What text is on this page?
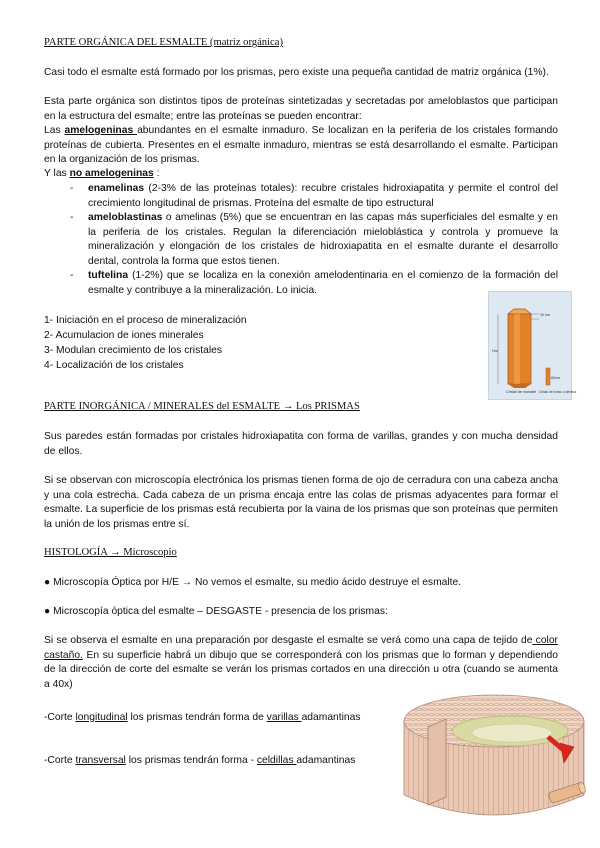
PARTE ORGÁNICA DEL ESMALTE (matriz orgánica)

Casi todo el esmalte está formado por los prismas, pero existe una pequeña cantidad de matriz orgánica (1%).

Esta parte orgánica son distintos tipos de proteínas sintetizadas y secretadas por ameloblastos que participan en la estructura del esmalte; entre las proteínas se pueden encontrar:

Las amelogeninas abundantes en el esmalte inmaduro. Se localizan en la periferia de los cristales formando proteínas de cubierta. Presentes en el esmalte inmaduro, mientras se está desarrollando el esmalte. Participan en la organización de los prismas.

Y las no amelogeninas :

- enamelinas (2-3% de las proteínas totales): recubre cristales hidroxiapatita y permite el control del crecimiento longitudinal de prismas. Proteína del esmalte de tipo estructural
- ameloblastinas o amelinas (5%) que se encuentran en las capas más superficiales del esmalte y en la periferia de los cristales. Regulan la diferenciación mieloblástica y controla y promueve la mineralización y elongación de los cristales de hidroxiapatita en el esmalte durante el desarrollo dental, controla la forma que estos tienen.
- tuftelina (1-2%) que se localiza en la conexión amelodentinaria en el comienzo de la formación del esmalte y contribuye a la mineralización. Lo inicia.
1- Iniciación en el proceso de mineralización
2- Acumulacion de iones minerales
3- Modulan crecimiento de los cristales
4- Localización de los cristales
20 nm
Hor
60nm
Cristal de esmalte Cristal de hueso o dentina

PARTE INORGÁNICA / MINERALES del ESMALTE → Los PRISMAS

Sus paredes están formadas por cristales hidroxiapatita con forma de varillas, grandes y con mucha densidad de ellos.

Si se observan con microscopía electrónica los prismas tienen forma de ojo de cerradura con una cabeza ancha y una cola estrecha. Cada cabeza de un prisma encaja entre las colas de prismas adyacentes para formar el esmalte. La superficie de los prismas está recubierta por la vaina de los prismas que son proteínas que permiten la unión de los prismas entre sí.

HISTOLOGÍA → Microscopio

● Microscopía Óptica por H/E → No vemos el esmalte, su medio ácido destruye el esmalte.

● Microscopía óptica del esmalte – DESGASTE - presencia de los prismas:

Si se observa el esmalte en una preparación por desgaste el esmalte se verá como una capa de tejido de color castaño. En su superficie habrá un dibujo que se corresponderá con los prismas que lo forman y dependiendo de la dirección de corte del esmalte se verán los prismas cortados en una dirección u otra (cuando se aumenta a 40x)

-Corte longitudinal los prismas tendrán forma de varillas adamantinas

-Corte transversal los prismas tendrán forma - celdillas adamantinas
